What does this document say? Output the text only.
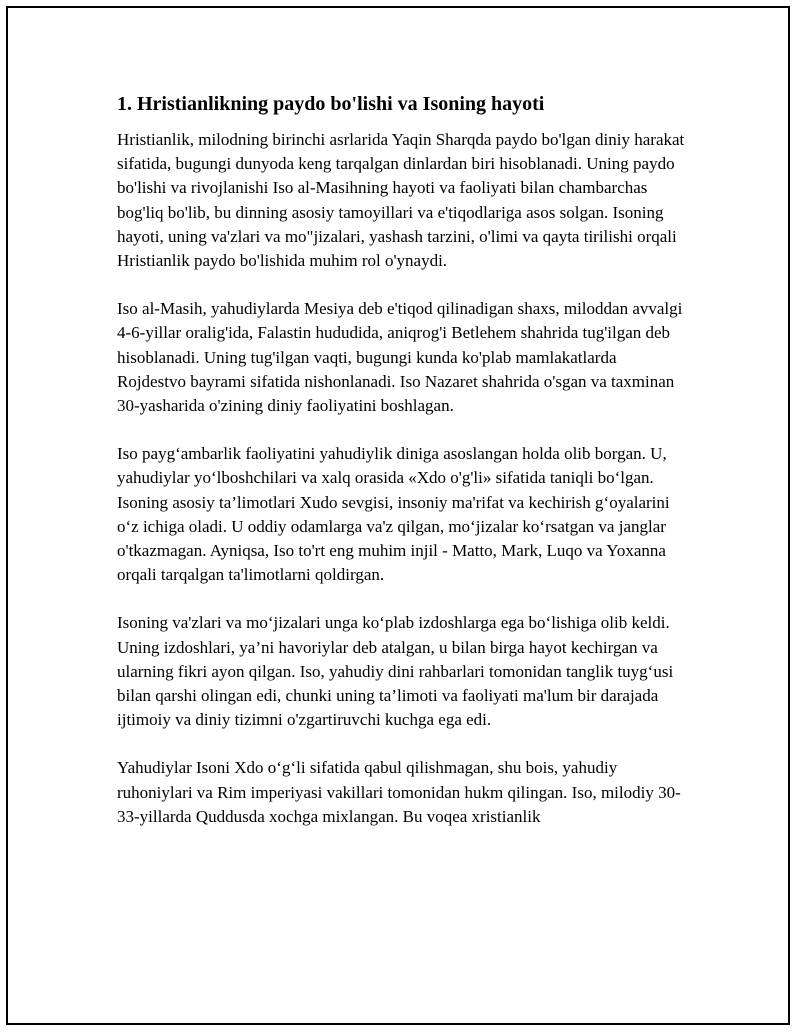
1. Hristianlikning paydo bo'lishi va Isoning hayoti

Hristianlik, milodning birinchi asrlarida Yaqin Sharqda paydo bo'lgan diniy harakat sifatida, bugungi dunyoda keng tarqalgan dinlardan biri hisoblanadi. Uning paydo bo'lishi va rivojlanishi Iso al-Masihning hayoti va faoliyati bilan chambarchas bog'liq bo'lib, bu dinning asosiy tamoyillari va e'tiqodlariga asos solgan. Isoning hayoti, uning va'zlari va mo"jizalari, yashash tarzini, o'limi va qayta tirilishi orqali Hristianlik paydo bo'lishida muhim rol o'ynaydi.

Iso al-Masih, yahudiylarda Mesiya deb e'tiqod qilinadigan shaxs, miloddan avvalgi 4-6-yillar oralig'ida, Falastin hududida, aniqrog'i Betlehem shahrida tug'ilgan deb hisoblanadi. Uning tug'ilgan vaqti, bugungi kunda ko'plab mamlakatlarda Rojdestvo bayrami sifatida nishonlanadi. Iso Nazaret shahrida o'sgan va taxminan 30-yasharida o'zining diniy faoliyatini boshlagan.

Iso payg‘ambarlik faoliyatini yahudiylik diniga asoslangan holda olib borgan. U, yahudiylar yo‘lboshchilari va xalq orasida «Xdo o'g'li» sifatida taniqli bo‘lgan. Isoning asosiy ta’limotlari Xudo sevgisi, insoniy ma'rifat va kechirish g‘oyalarini o‘z ichiga oladi. U oddiy odamlarga va'z qilgan, mo‘jizalar ko‘rsatgan va janglar o'tkazmagan. Ayniqsa, Iso to'rt eng muhim injil - Matto, Mark, Luqo va Yoxanna orqali tarqalgan ta'limotlarni qoldirgan.

Isoning va'zlari va mo‘jizalari unga ko‘plab izdoshlarga ega bo‘lishiga olib keldi. Uning izdoshlari, ya’ni havoriylar deb atalgan, u bilan birga hayot kechirgan va ularning fikri ayon qilgan. Iso, yahudiy dini rahbarlari tomonidan tanglik tuyg‘usi bilan qarshi olingan edi, chunki uning ta’limoti va faoliyati ma'lum bir darajada ijtimoiy va diniy tizimni o'zgartiruvchi kuchga ega edi.

Yahudiylar Isoni Xdo o‘g‘li sifatida qabul qilishmagan, shu bois, yahudiy ruhoniylari va Rim imperiyasi vakillari tomonidan hukm qilingan. Iso, milodiy 30-33-yillarda Quddusda xochga mixlangan. Bu voqea xristianlik
